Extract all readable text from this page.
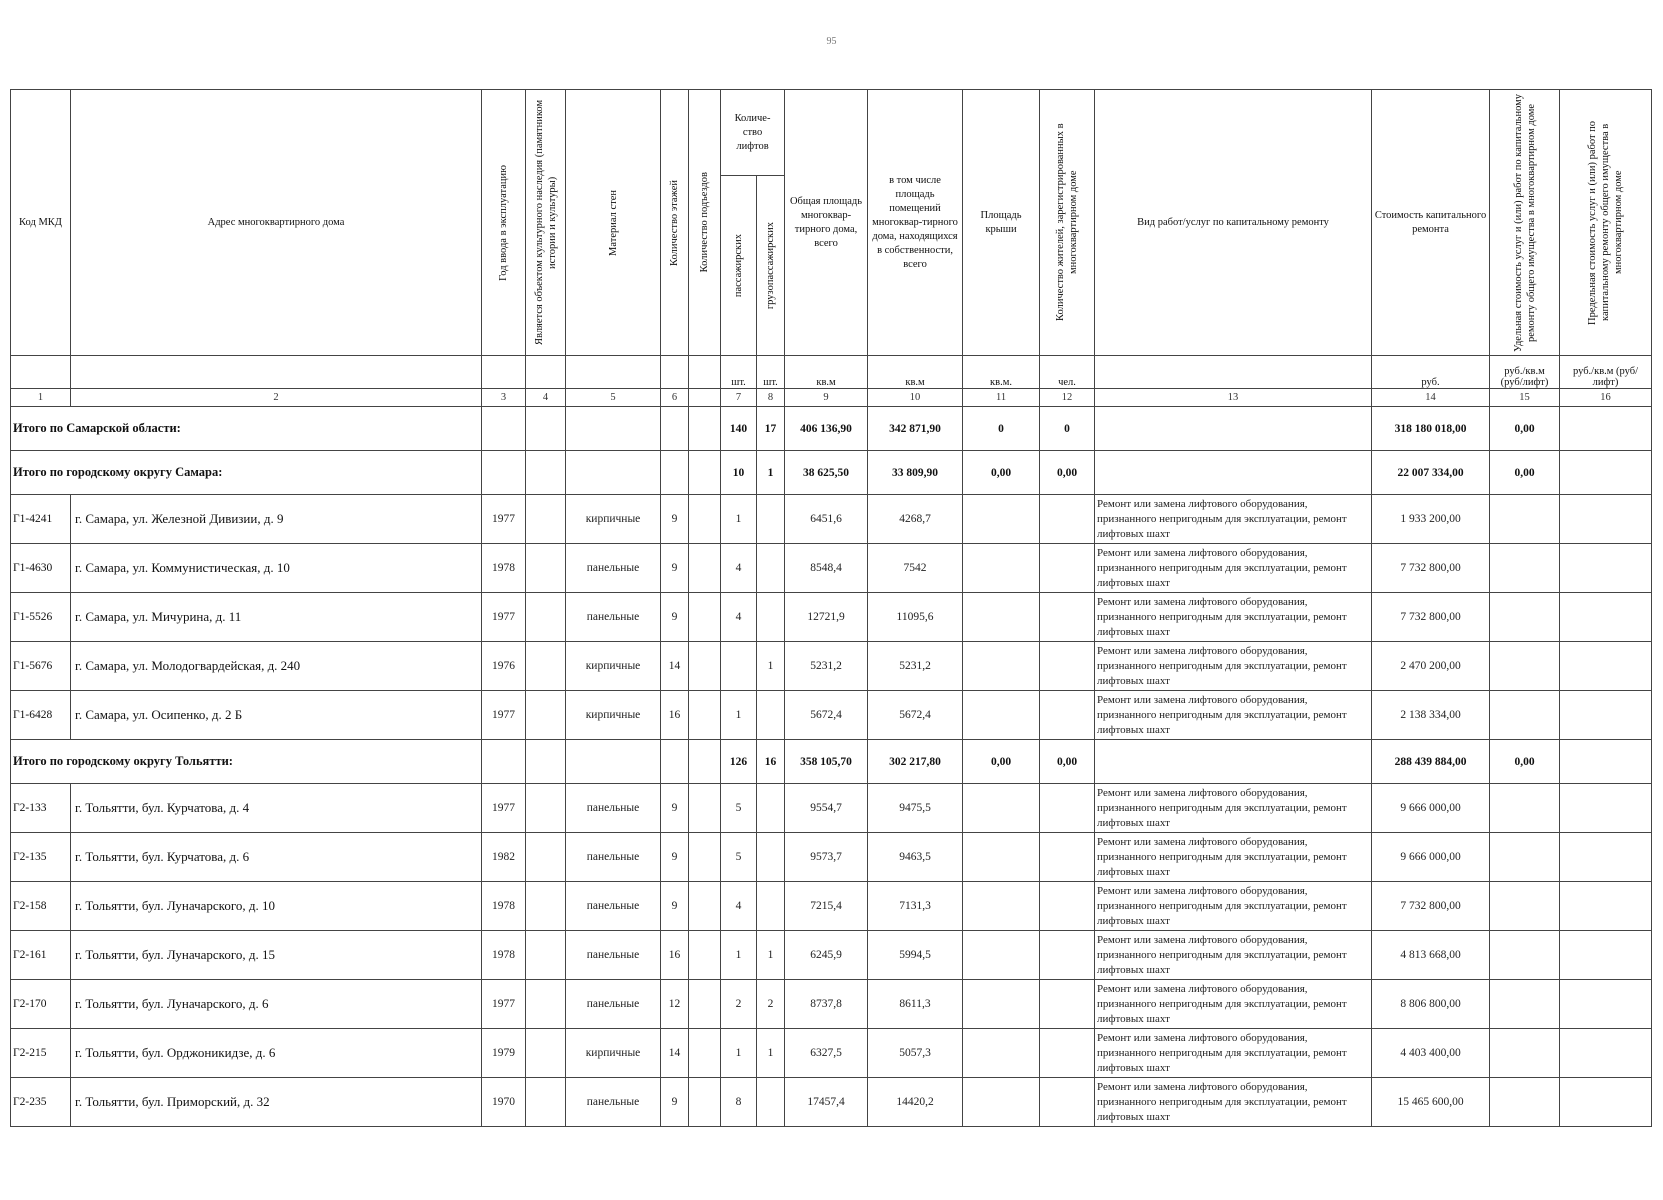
95
Код МКД	Адрес многоквартирного дома	Год ввода в эксплуатацию	Является объектом культурного наследия (памятником истории и культуры)	Материал стен	Количество этажей	Количество подъездов	Количе-ство лифтов		Общая площадь многоквар-тирного дома, всего	в том числе площадь помещений многоквар-тирного дома, находящихся в собственности, всего	Площадь крыши	Количество жителей, зарегистрированных в многоквартирном доме	Вид работ/услуг по капитальному ремонту	Стоимость капитального ремонта	Удельная стоимость услуг и (или) работ по капитальному ремонту общего имущества в многоквартирном доме	Предельная стоимость услуг и (или) работ по капитальному ремонту общего имущества в многоквартирном доме

							пассажирских	грузопассажирских								

							шт.	шт.	кв.м	кв.м	кв.м.	чел.		руб.	руб./кв.м (руб/лифт)	руб./кв.м (руб/лифт)
1	2	3	4	5	6		7	8	9	10	11	12	13	14	15	16
Итого по Самарской области:							140	17	406 136,90	342 871,90	0	0		318 180 018,00	0,00	
Итого по городскому округу Самара:							10	1	38 625,50	33 809,90	0,00	0,00		22 007 334,00	0,00	
Г1-4241	г. Самара, ул. Железной Дивизии, д. 9	1977		кирпичные	9		1		6451,6	4268,7			Ремонт или замена лифтового оборудования, признанного непригодным для эксплуатации, ремонт лифтовых шахт	1 933 200,00		
Г1-4630	г. Самара, ул. Коммунистическая, д. 10	1978		панельные	9		4		8548,4	7542			Ремонт или замена лифтового оборудования, признанного непригодным для эксплуатации, ремонт лифтовых шахт	7 732 800,00		
Г1-5526	г. Самара, ул. Мичурина, д. 11	1977		панельные	9		4		12721,9	11095,6			Ремонт или замена лифтового оборудования, признанного непригодным для эксплуатации, ремонт лифтовых шахт	7 732 800,00		
Г1-5676	г. Самара, ул. Молодогвардейская, д. 240	1976		кирпичные	14			1	5231,2	5231,2			Ремонт или замена лифтового оборудования, признанного непригодным для эксплуатации, ремонт лифтовых шахт	2 470 200,00		
Г1-6428	г. Самара, ул. Осипенко, д. 2 Б	1977		кирпичные	16		1		5672,4	5672,4			Ремонт или замена лифтового оборудования, признанного непригодным для эксплуатации, ремонт лифтовых шахт	2 138 334,00		
Итого по городскому округу Тольятти:							126	16	358 105,70	302 217,80	0,00	0,00		288 439 884,00	0,00	
Г2-133	г. Тольятти, бул. Курчатова, д. 4	1977		панельные	9		5		9554,7	9475,5			Ремонт или замена лифтового оборудования, признанного непригодным для эксплуатации, ремонт лифтовых шахт	9 666 000,00		
Г2-135	г. Тольятти, бул. Курчатова, д. 6	1982		панельные	9		5		9573,7	9463,5			Ремонт или замена лифтового оборудования, признанного непригодным для эксплуатации, ремонт лифтовых шахт	9 666 000,00		
Г2-158	г. Тольятти, бул. Луначарского, д. 10	1978		панельные	9		4		7215,4	7131,3			Ремонт или замена лифтового оборудования, признанного непригодным для эксплуатации, ремонт лифтовых шахт	7 732 800,00		
Г2-161	г. Тольятти, бул. Луначарского, д. 15	1978		панельные	16		1	1	6245,9	5994,5			Ремонт или замена лифтового оборудования, признанного непригодным для эксплуатации, ремонт лифтовых шахт	4 813 668,00		
Г2-170	г. Тольятти, бул. Луначарского, д. 6	1977		панельные	12		2	2	8737,8	8611,3			Ремонт или замена лифтового оборудования, признанного непригодным для эксплуатации, ремонт лифтовых шахт	8 806 800,00		
Г2-215	г. Тольятти, бул. Орджоникидзе, д. 6	1979		кирпичные	14		1	1	6327,5	5057,3			Ремонт или замена лифтового оборудования, признанного непригодным для эксплуатации, ремонт лифтовых шахт	4 403 400,00		
Г2-235	г. Тольятти, бул. Приморский, д. 32	1970		панельные	9		8		17457,4	14420,2			Ремонт или замена лифтового оборудования, признанного непригодным для эксплуатации, ремонт лифтовых шахт	15 465 600,00		
